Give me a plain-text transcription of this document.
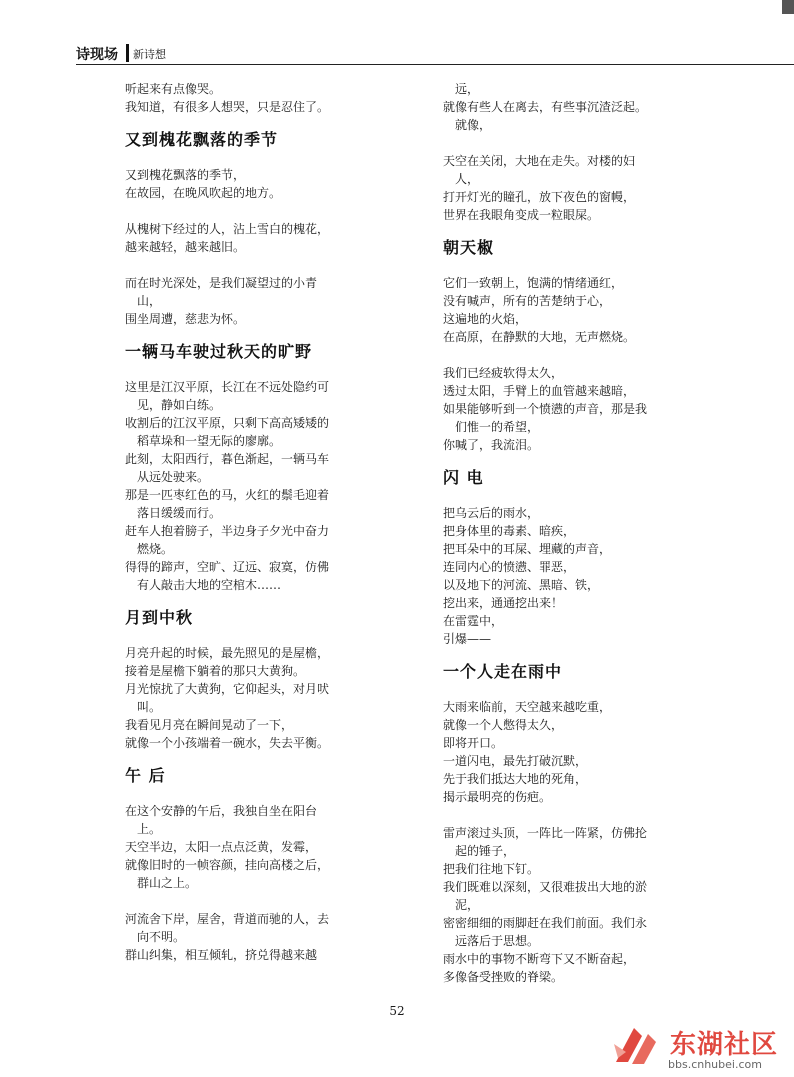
诗现场 新诗想

听起来有点像哭。

我知道，有很多人想哭，只是忍住了。

又到槐花飘落的季节

又到槐花飘落的季节，

在故园，在晚风吹起的地方。

从槐树下经过的人，沾上雪白的槐花，

越来越轻，越来越旧。

而在时光深处，是我们凝望过的小青

山，

围坐周遭，慈悲为怀。

一辆马车驶过秋天的旷野

这里是江汉平原，长江在不远处隐约可

见，静如白练。

收割后的江汉平原，只剩下高高矮矮的

稻草垛和一望无际的廖廓。

此刻，太阳西行，暮色渐起，一辆马车

从远处驶来。

那是一匹枣红色的马，火红的鬃毛迎着

落日缓缓而行。

赶车人抱着膀子，半边身子夕光中奋力

燃烧。

得得的蹄声，空旷、辽远、寂寞，仿佛

有人敲击大地的空棺木……

月到中秋

月亮升起的时候，最先照见的是屋檐，

接着是屋檐下躺着的那只大黄狗。

月光惊扰了大黄狗，它仰起头，对月吠

叫。

我看见月亮在瞬间晃动了一下，

就像一个小孩端着一碗水，失去平衡。

午 后

在这个安静的午后，我独自坐在阳台

上。

天空半边，太阳一点点泛黄，发霉，

就像旧时的一帧容颜，挂向高楼之后，

群山之上。

河流舍下岸，屋舍，背道而驰的人，去

向不明。

群山纠集，相互倾轧，挤兑得越来越

远，

就像有些人在离去，有些事沉渣泛起。

就像，

天空在关闭，大地在走失。对楼的妇

人，

打开灯光的瞳孔，放下夜色的窗幔，

世界在我眼角变成一粒眼屎。

朝天椒

它们一致朝上，饱满的情绪通红，

没有喊声，所有的苦楚纳于心，

这遍地的火焰，

在高原，在静默的大地，无声燃烧。

我们已经疲软得太久，

透过太阳，手臂上的血管越来越暗，

如果能够听到一个愤懑的声音，那是我

们惟一的希望，

你喊了，我流泪。

闪 电

把乌云后的雨水，

把身体里的毒素、暗疾，

把耳朵中的耳屎、埋藏的声音，

连同内心的愤懑、罪恶，

以及地下的河流、黑暗、铁，

挖出来，通通挖出来！

在雷霆中，

引爆——

一个人走在雨中

大雨来临前，天空越来越吃重，

就像一个人憋得太久，

即将开口。

一道闪电，最先打破沉默，

先于我们抵达大地的死角，

揭示最明亮的伤疤。

雷声滚过头顶，一阵比一阵紧，仿佛抡

起的锤子，

把我们往地下钉。

我们既难以深刻，又很难拔出大地的淤

泥，

密密细细的雨脚赶在我们前面。我们永

远落后于思想。

雨水中的事物不断弯下又不断奋起，

多像备受挫败的脊梁。

52
东湖社区
bbs.cnhubei.com
